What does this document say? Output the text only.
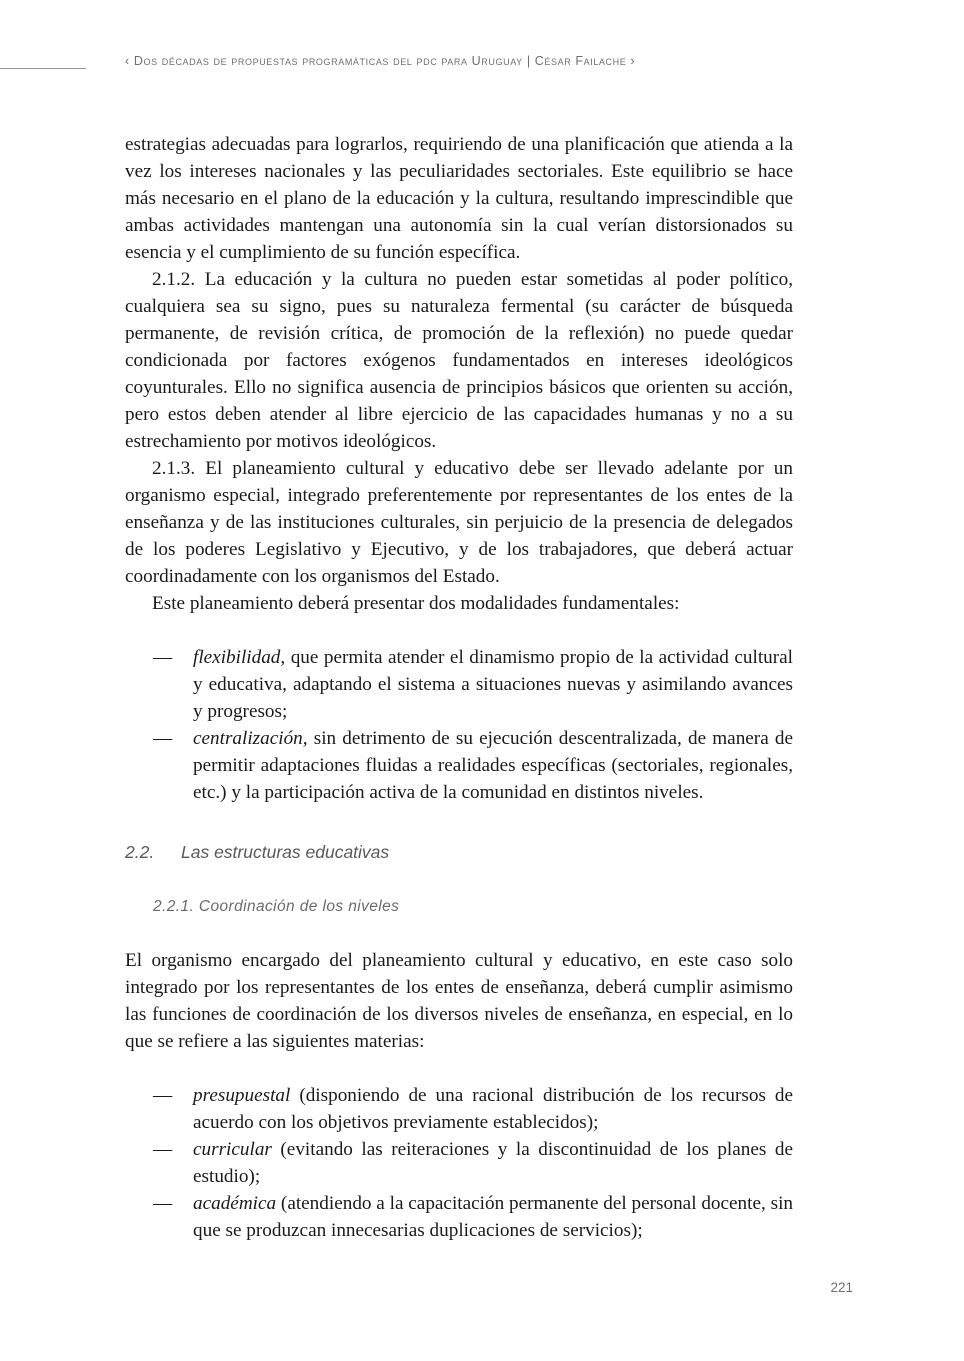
‹ Dos décadas de propuestas programáticas del pdc para Uruguay | César Failache ›

estrategias adecuadas para lograrlos, requiriendo de una planificación que atienda a la vez los intereses nacionales y las peculiaridades sectoriales. Este equilibrio se hace más necesario en el plano de la educación y la cultura, resultando imprescindible que ambas actividades mantengan una autonomía sin la cual verían distorsionados su esencia y el cumplimiento de su función específica.

2.1.2. La educación y la cultura no pueden estar sometidas al poder político, cualquiera sea su signo, pues su naturaleza fermental (su carácter de búsqueda permanente, de revisión crítica, de promoción de la reflexión) no puede quedar condicionada por factores exógenos fundamentados en intereses ideológicos coyunturales. Ello no significa ausencia de principios básicos que orienten su acción, pero estos deben atender al libre ejercicio de las capacidades humanas y no a su estrechamiento por motivos ideológicos.

2.1.3. El planeamiento cultural y educativo debe ser llevado adelante por un organismo especial, integrado preferentemente por representantes de los entes de la enseñanza y de las instituciones culturales, sin perjuicio de la presencia de delegados de los poderes Legislativo y Ejecutivo, y de los trabajadores, que deberá actuar coordinadamente con los organismos del Estado.

Este planeamiento deberá presentar dos modalidades fundamentales:

— flexibilidad, que permita atender el dinamismo propio de la actividad cultural y educativa, adaptando el sistema a situaciones nuevas y asimilando avances y progresos;
— centralización, sin detrimento de su ejecución descentralizada, de manera de permitir adaptaciones fluidas a realidades específicas (sectoriales, regionales, etc.) y la participación activa de la comunidad en distintos niveles.

2.2.	Las estructuras educativas

2.2.1. Coordinación de los niveles

El organismo encargado del planeamiento cultural y educativo, en este caso solo integrado por los representantes de los entes de enseñanza, deberá cumplir asimismo las funciones de coordinación de los diversos niveles de enseñanza, en especial, en lo que se refiere a las siguientes materias:

— presupuestal (disponiendo de una racional distribución de los recursos de acuerdo con los objetivos previamente establecidos);
— curricular (evitando las reiteraciones y la discontinuidad de los planes de estudio);
— académica (atendiendo a la capacitación permanente del personal docente, sin que se produzcan innecesarias duplicaciones de servicios);
221
